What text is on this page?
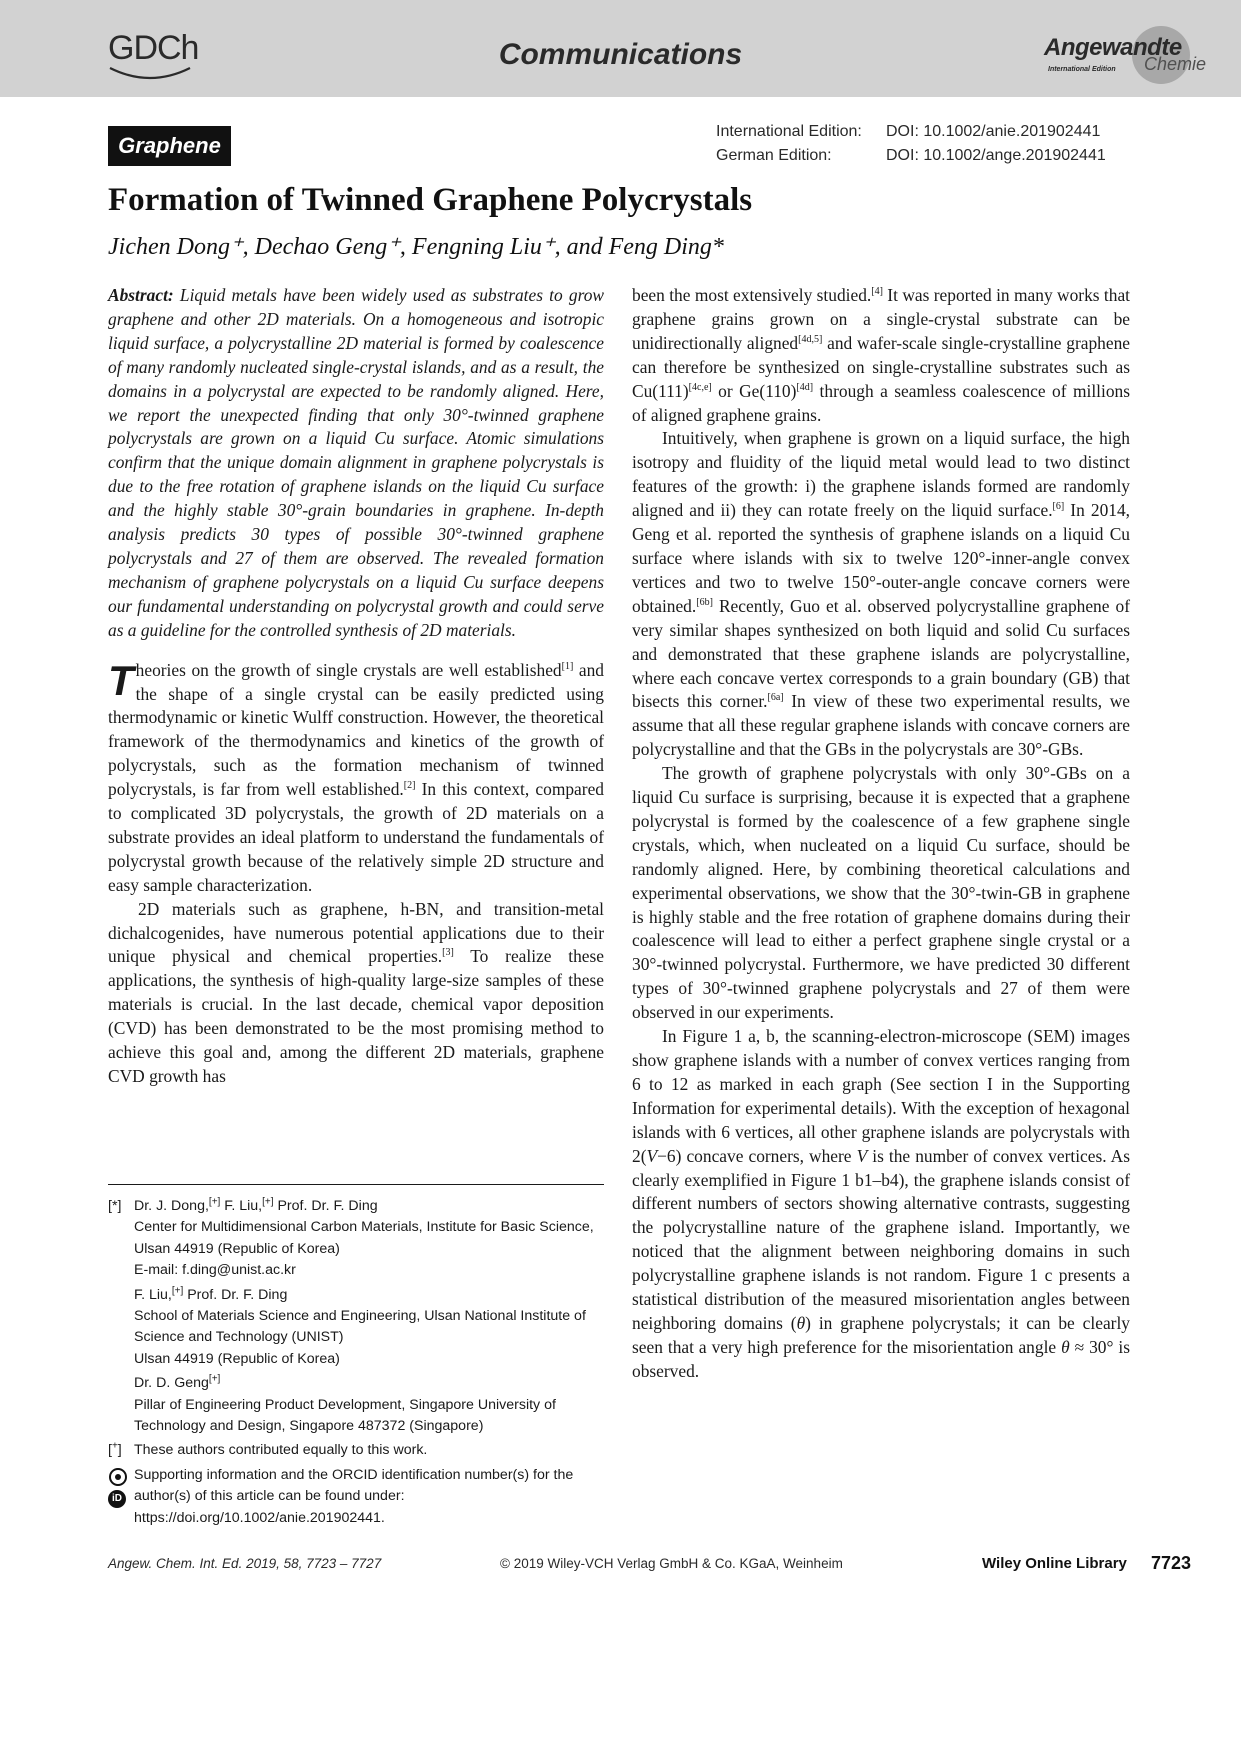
GDCh	Communications	Angewandte
International Edition Chemie
Graphene
International Edition: DOI: 10.1002/anie.201902441
German Edition:	DOI: 10.1002/ange.201902441
Formation of Twinned Graphene Polycrystals
Jichen Dong⁺, Dechao Geng⁺, Fengning Liu⁺, and Feng Ding*

Abstract: Liquid metals have been widely used as substrates to grow graphene and other 2D materials. On a homogeneous and isotropic liquid surface, a polycrystalline 2D material is formed by coalescence of many randomly nucleated single-crystal islands, and as a result, the domains in a polycrystal are expected to be randomly aligned. Here, we report the unexpected finding that only 30°-twinned graphene polycrystals are grown on a liquid Cu surface. Atomic simulations confirm that the unique domain alignment in graphene polycrystals is due to the free rotation of graphene islands on the liquid Cu surface and the highly stable 30°-grain boundaries in graphene. In-depth analysis predicts 30 types of possible 30°-twinned graphene polycrystals and 27 of them are observed. The revealed formation mechanism of graphene polycrystals on a liquid Cu surface deepens our fundamental understanding on polycrystal growth and could serve as a guideline for the controlled synthesis of 2D materials.

Theories on the growth of single crystals are well established[1] and the shape of a single crystal can be easily predicted using thermodynamic or kinetic Wulff construction. However, the theoretical framework of the thermodynamics and kinetics of the growth of polycrystals, such as the formation mechanism of twinned polycrystals, is far from well established.[2] In this context, compared to complicated 3D polycrystals, the growth of 2D materials on a substrate provides an ideal platform to understand the fundamentals of polycrystal growth because of the relatively simple 2D structure and easy sample characterization.

2D materials such as graphene, h-BN, and transition-metal dichalcogenides, have numerous potential applications due to their unique physical and chemical properties.[3] To realize these applications, the synthesis of high-quality large-size samples of these materials is crucial. In the last decade, chemical vapor deposition (CVD) has been demonstrated to be the most promising method to achieve this goal and, among the different 2D materials, graphene CVD growth has

[*] Dr. J. Dong,[+] F. Liu,[+] Prof. Dr. F. Ding
Center for Multidimensional Carbon Materials, Institute for Basic Science, Ulsan 44919 (Republic of Korea)
E-mail: f.ding@unist.ac.kr
F. Liu,[+] Prof. Dr. F. Ding
School of Materials Science and Engineering, Ulsan National Institute of Science and Technology (UNIST)
Ulsan 44919 (Republic of Korea)
Dr. D. Geng[+]
Pillar of Engineering Product Development, Singapore University of Technology and Design, Singapore 487372 (Singapore)
[+] These authors contributed equally to this work.
iD
Supporting information and the ORCID identification number(s) for the author(s) of this article can be found under:
https://doi.org/10.1002/anie.201902441.

been the most extensively studied.[4] It was reported in many works that graphene grains grown on a single-crystal substrate can be unidirectionally aligned[4d,5] and wafer-scale single-crystalline graphene can therefore be synthesized on single-crystalline substrates such as Cu(111)[4c,e] or Ge(110)[4d] through a seamless coalescence of millions of aligned graphene grains.

Intuitively, when graphene is grown on a liquid surface, the high isotropy and fluidity of the liquid metal would lead to two distinct features of the growth: i) the graphene islands formed are randomly aligned and ii) they can rotate freely on the liquid surface.[6] In 2014, Geng et al. reported the synthesis of graphene islands on a liquid Cu surface where islands with six to twelve 120°-inner-angle convex vertices and two to twelve 150°-outer-angle concave corners were obtained.[6b] Recently, Guo et al. observed polycrystalline graphene of very similar shapes synthesized on both liquid and solid Cu surfaces and demonstrated that these graphene islands are polycrystalline, where each concave vertex corresponds to a grain boundary (GB) that bisects this corner.[6a] In view of these two experimental results, we assume that all these regular graphene islands with concave corners are polycrystalline and that the GBs in the polycrystals are 30°-GBs.

The growth of graphene polycrystals with only 30°-GBs on a liquid Cu surface is surprising, because it is expected that a graphene polycrystal is formed by the coalescence of a few graphene single crystals, which, when nucleated on a liquid Cu surface, should be randomly aligned. Here, by combining theoretical calculations and experimental observations, we show that the 30°-twin-GB in graphene is highly stable and the free rotation of graphene domains during their coalescence will lead to either a perfect graphene single crystal or a 30°-twinned polycrystal. Furthermore, we have predicted 30 different types of 30°-twinned graphene polycrystals and 27 of them were observed in our experiments.

In Figure 1 a, b, the scanning-electron-microscope (SEM) images show graphene islands with a number of convex vertices ranging from 6 to 12 as marked in each graph (See section I in the Supporting Information for experimental details). With the exception of hexagonal islands with 6 vertices, all other graphene islands are polycrystals with 2(V−6) concave corners, where V is the number of convex vertices. As clearly exemplified in Figure 1 b1–b4), the graphene islands consist of different numbers of sectors showing alternative contrasts, suggesting the polycrystalline nature of the graphene island. Importantly, we noticed that the alignment between neighboring domains in such polycrystalline graphene islands is not random. Figure 1 c presents a statistical distribution of the measured misorientation angles between neighboring domains (θ) in graphene polycrystals; it can be clearly seen that a very high preference for the misorientation angle θ ≈ 30° is observed.

Angew. Chem. Int. Ed. 2019, 58, 7723 – 7727	© 2019 Wiley-VCH Verlag GmbH & Co. KGaA, Weinheim	Wiley Online Library 7723
